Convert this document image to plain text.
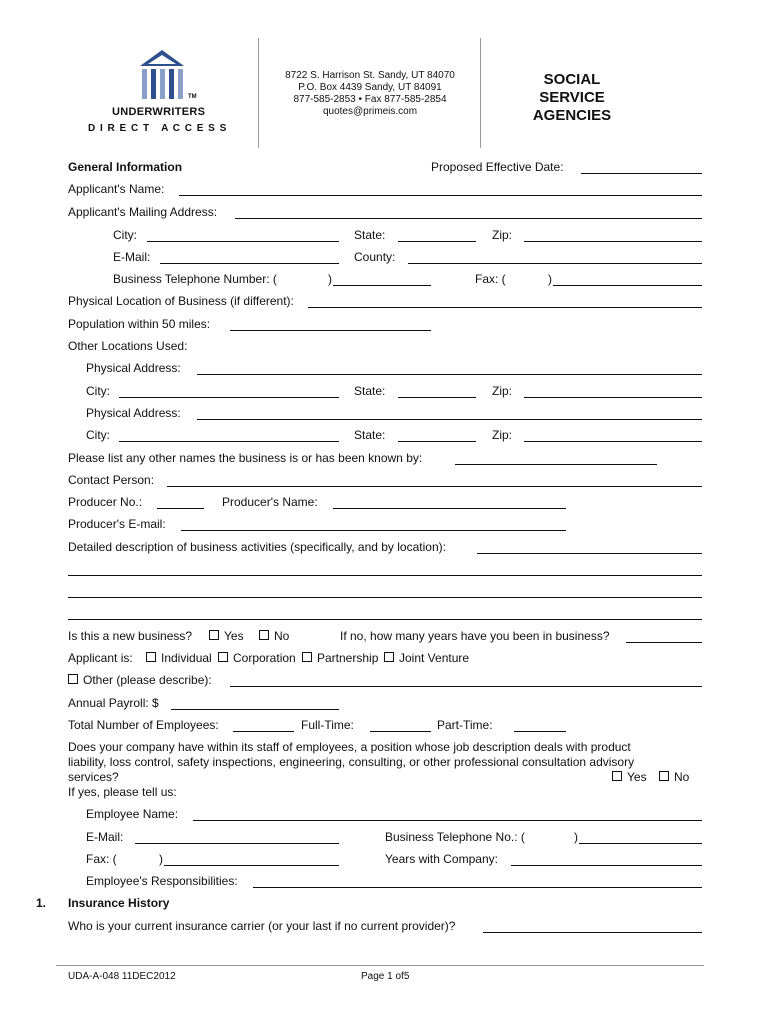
TM
UNDERWRITERS
D I R E C T   A C C E S S
8722 S. Harrison St. Sandy, UT 84070
P.O. Box 4439 Sandy, UT 84091
877-585-2853 • Fax 877-585-2854
quotes@primeis.com
SOCIAL
SERVICE
AGENCIES
General Information	Proposed Effective Date:
Applicant's Name:
Applicant's Mailing Address:
City:	State:	Zip:
E-Mail:	County:
Business Telephone Number: (	)	Fax: (	)
Physical Location of Business (if different):
Population within 50 miles:
Other Locations Used:
Physical Address:
City:	State:	Zip:
Physical Address:
City:	State:	Zip:
Please list any other names the business is or has been known by:
Contact Person:
Producer No.:	Producer's Name:
Producer's E-mail:
Detailed description of business activities (specifically, and by location):
Is this a new business?	Yes	No	If no, how many years have you been in business?
Applicant is:	Individual	Corporation	Partnership	Joint Venture
Other (please describe):
Annual Payroll: $
Total Number of Employees:	Full-Time:	Part-Time:
Does your company have within its staff of employees, a position whose job description deals with product
liability, loss control, safety inspections, engineering, consulting, or other professional consultation advisory
services?	Yes	No
If yes, please tell us:
Employee Name:
E-Mail:	Business Telephone No.: (	)
Fax: (	)	Years with Company:
Employee's Responsibilities:
1. Insurance History
Who is your current insurance carrier (or your last if no current provider)?
UDA-A-048 11DEC2012	Page 1 of5
